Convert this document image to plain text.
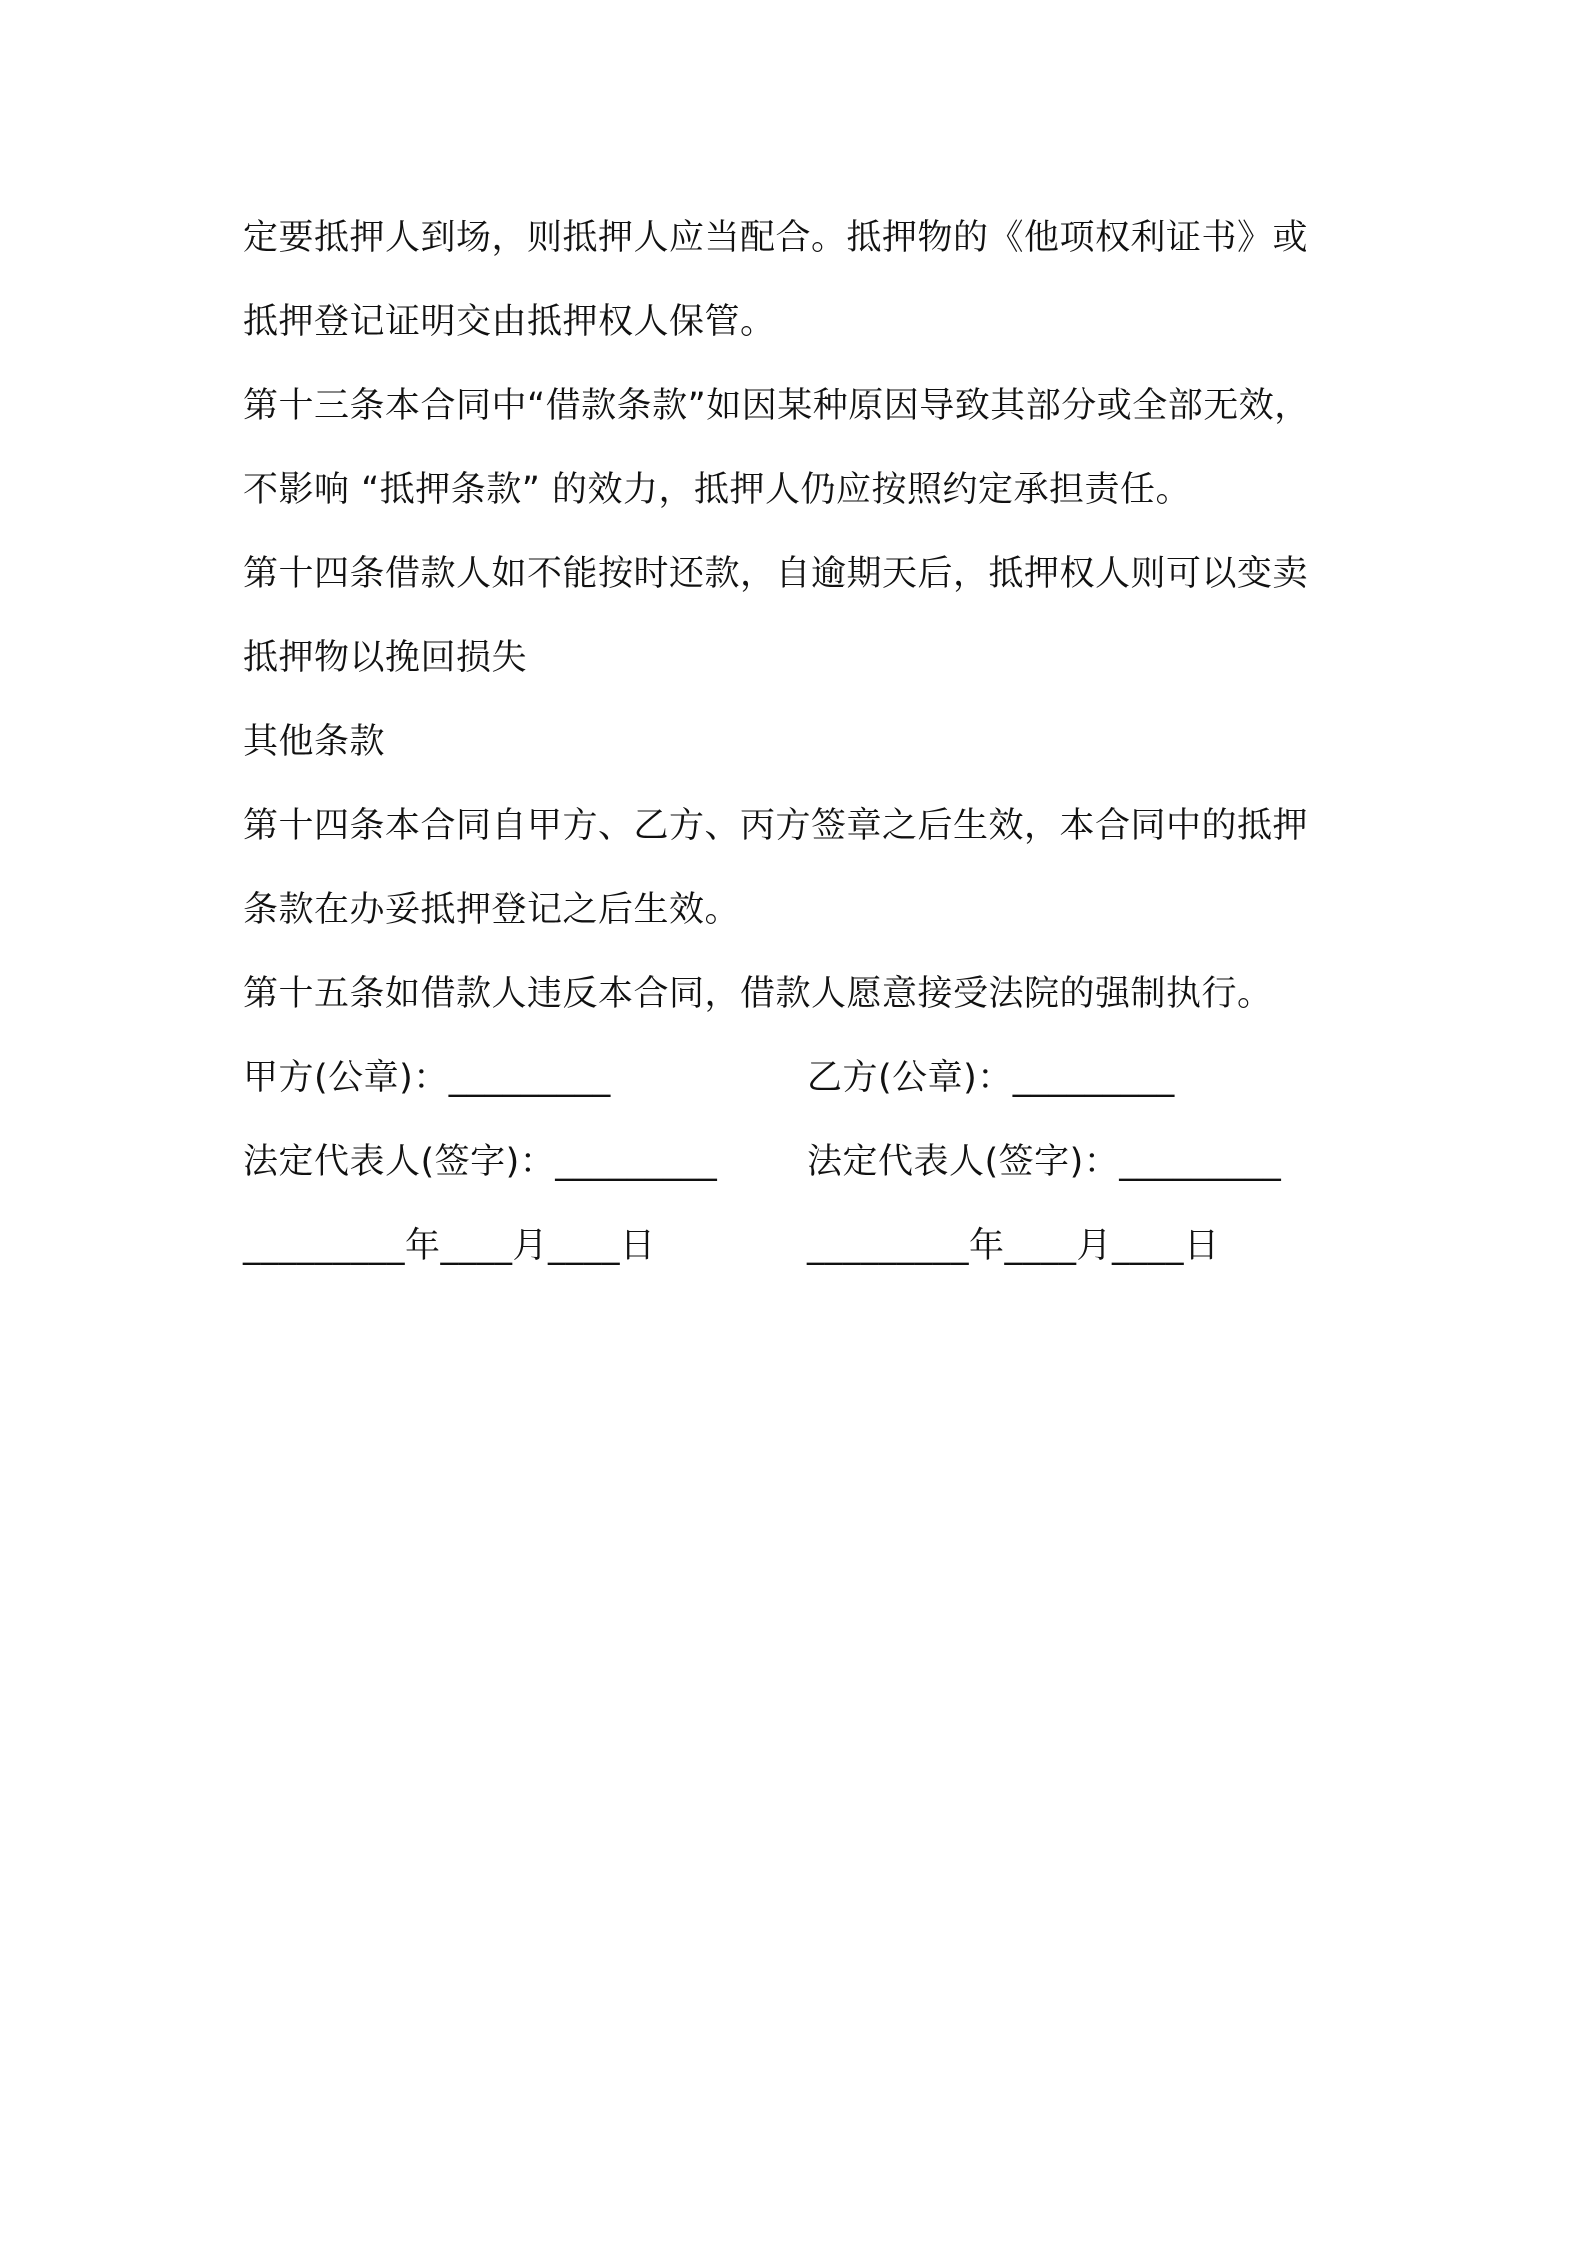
定要抵押人到场，则抵押人应当配合。抵押物的《他项权利证书》或
抵押登记证明交由抵押权人保管。
第十三条本合同中“借款条款”如因某种原因导致其部分或全部无效，
不影响 “抵押条款” 的效力，抵押人仍应按照约定承担责任。
第十四条借款人如不能按时还款，自逾期天后，抵押权人则可以变卖
抵押物以挽回损失
其他条款
第十四条本合同自甲方、乙方、丙方签章之后生效，本合同中的抵押
条款在办妥抵押登记之后生效。
第十五条如借款人违反本合同，借款人愿意接受法院的强制执行。
甲方(公章)：_________	乙方(公章)：_________
法定代表人(签字)：_________	法定代表人(签字)：_________
_________年____月____日	_________年____月____日
